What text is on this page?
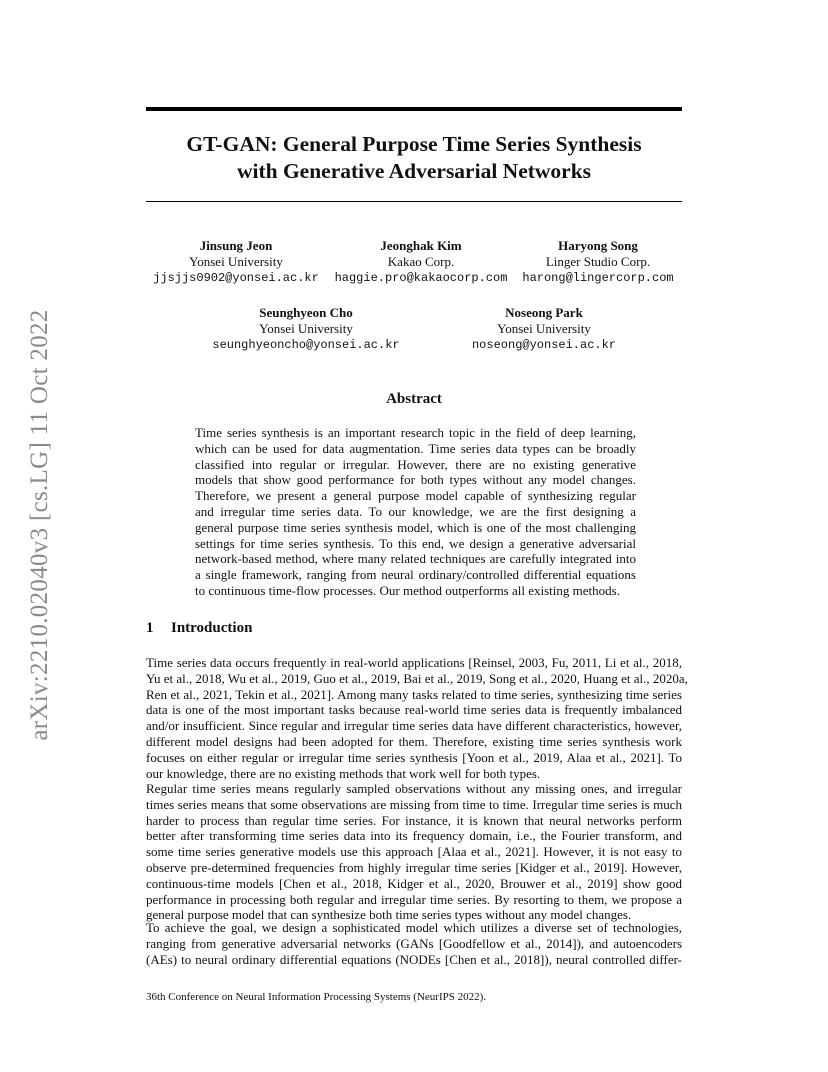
arXiv:2210.02040v3 [cs.LG] 11 Oct 2022
GT-GAN: General Purpose Time Series Synthesis
with Generative Adversarial Networks
Jinsung Jeon
Yonsei University
jjsjjs0902@yonsei.ac.kr
Jeonghak Kim
Kakao Corp.
haggie.pro@kakaocorp.com
Haryong Song
Linger Studio Corp.
harong@lingercorp.com
Seunghyeon Cho
Yonsei University
seunghyeoncho@yonsei.ac.kr
Noseong Park
Yonsei University
noseong@yonsei.ac.kr
Abstract
Time series synthesis is an important research topic in the field of deep learning,
which can be used for data augmentation. Time series data types can be broadly
classified into regular or irregular. However, there are no existing generative
models that show good performance for both types without any model changes.
Therefore, we present a general purpose model capable of synthesizing regular
and irregular time series data. To our knowledge, we are the first designing a
general purpose time series synthesis model, which is one of the most challenging
settings for time series synthesis. To this end, we design a generative adversarial
network-based method, where many related techniques are carefully integrated into
a single framework, ranging from neural ordinary/controlled differential equations
to continuous time-flow processes. Our method outperforms all existing methods.
1 Introduction
Time series data occurs frequently in real-world applications [Reinsel, 2003, Fu, 2011, Li et al., 2018,
Yu et al., 2018, Wu et al., 2019, Guo et al., 2019, Bai et al., 2019, Song et al., 2020, Huang et al., 2020a,
Ren et al., 2021, Tekin et al., 2021]. Among many tasks related to time series, synthesizing time series
data is one of the most important tasks because real-world time series data is frequently imbalanced
and/or insufficient. Since regular and irregular time series data have different characteristics, however,
different model designs had been adopted for them. Therefore, existing time series synthesis work
focuses on either regular or irregular time series synthesis [Yoon et al., 2019, Alaa et al., 2021]. To
our knowledge, there are no existing methods that work well for both types.
Regular time series means regularly sampled observations without any missing ones, and irregular
times series means that some observations are missing from time to time. Irregular time series is much
harder to process than regular time series. For instance, it is known that neural networks perform
better after transforming time series data into its frequency domain, i.e., the Fourier transform, and
some time series generative models use this approach [Alaa et al., 2021]. However, it is not easy to
observe pre-determined frequencies from highly irregular time series [Kidger et al., 2019]. However,
continuous-time models [Chen et al., 2018, Kidger et al., 2020, Brouwer et al., 2019] show good
performance in processing both regular and irregular time series. By resorting to them, we propose a
general purpose model that can synthesize both time series types without any model changes.
To achieve the goal, we design a sophisticated model which utilizes a diverse set of technologies,
ranging from generative adversarial networks (GANs [Goodfellow et al., 2014]), and autoencoders
(AEs) to neural ordinary differential equations (NODEs [Chen et al., 2018]), neural controlled differ-
36th Conference on Neural Information Processing Systems (NeurIPS 2022).
